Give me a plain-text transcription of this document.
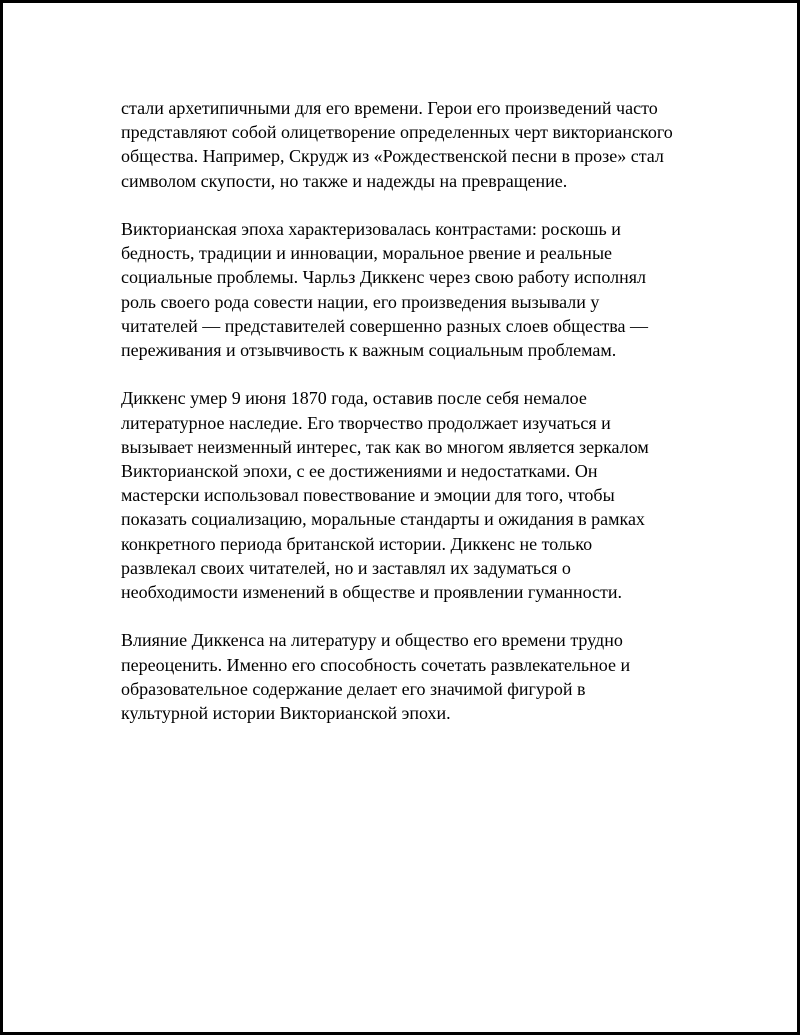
стали архетипичными для его времени. Герои его произведений часто
представляют собой олицетворение определенных черт викторианского
общества. Например, Скрудж из «Рождественской песни в прозе» стал
символом скупости, но также и надежды на превращение.

Викторианская эпоха характеризовалась контрастами: роскошь и
бедность, традиции и инновации, моральное рвение и реальные
социальные проблемы. Чарльз Диккенс через свою работу исполнял
роль своего рода совести нации, его произведения вызывали у
читателей — представителей совершенно разных слоев общества —
переживания и отзывчивость к важным социальным проблемам.

Диккенс умер 9 июня 1870 года, оставив после себя немалое
литературное наследие. Его творчество продолжает изучаться и
вызывает неизменный интерес, так как во многом является зеркалом
Викторианской эпохи, с ее достижениями и недостатками. Он
мастерски использовал повествование и эмоции для того, чтобы
показать социализацию, моральные стандарты и ожидания в рамках
конкретного периода британской истории. Диккенс не только
развлекал своих читателей, но и заставлял их задуматься о
необходимости изменений в обществе и проявлении гуманности.

Влияние Диккенса на литературу и общество его времени трудно
переоценить. Именно его способность сочетать развлекательное и
образовательное содержание делает его значимой фигурой в
культурной истории Викторианской эпохи.
